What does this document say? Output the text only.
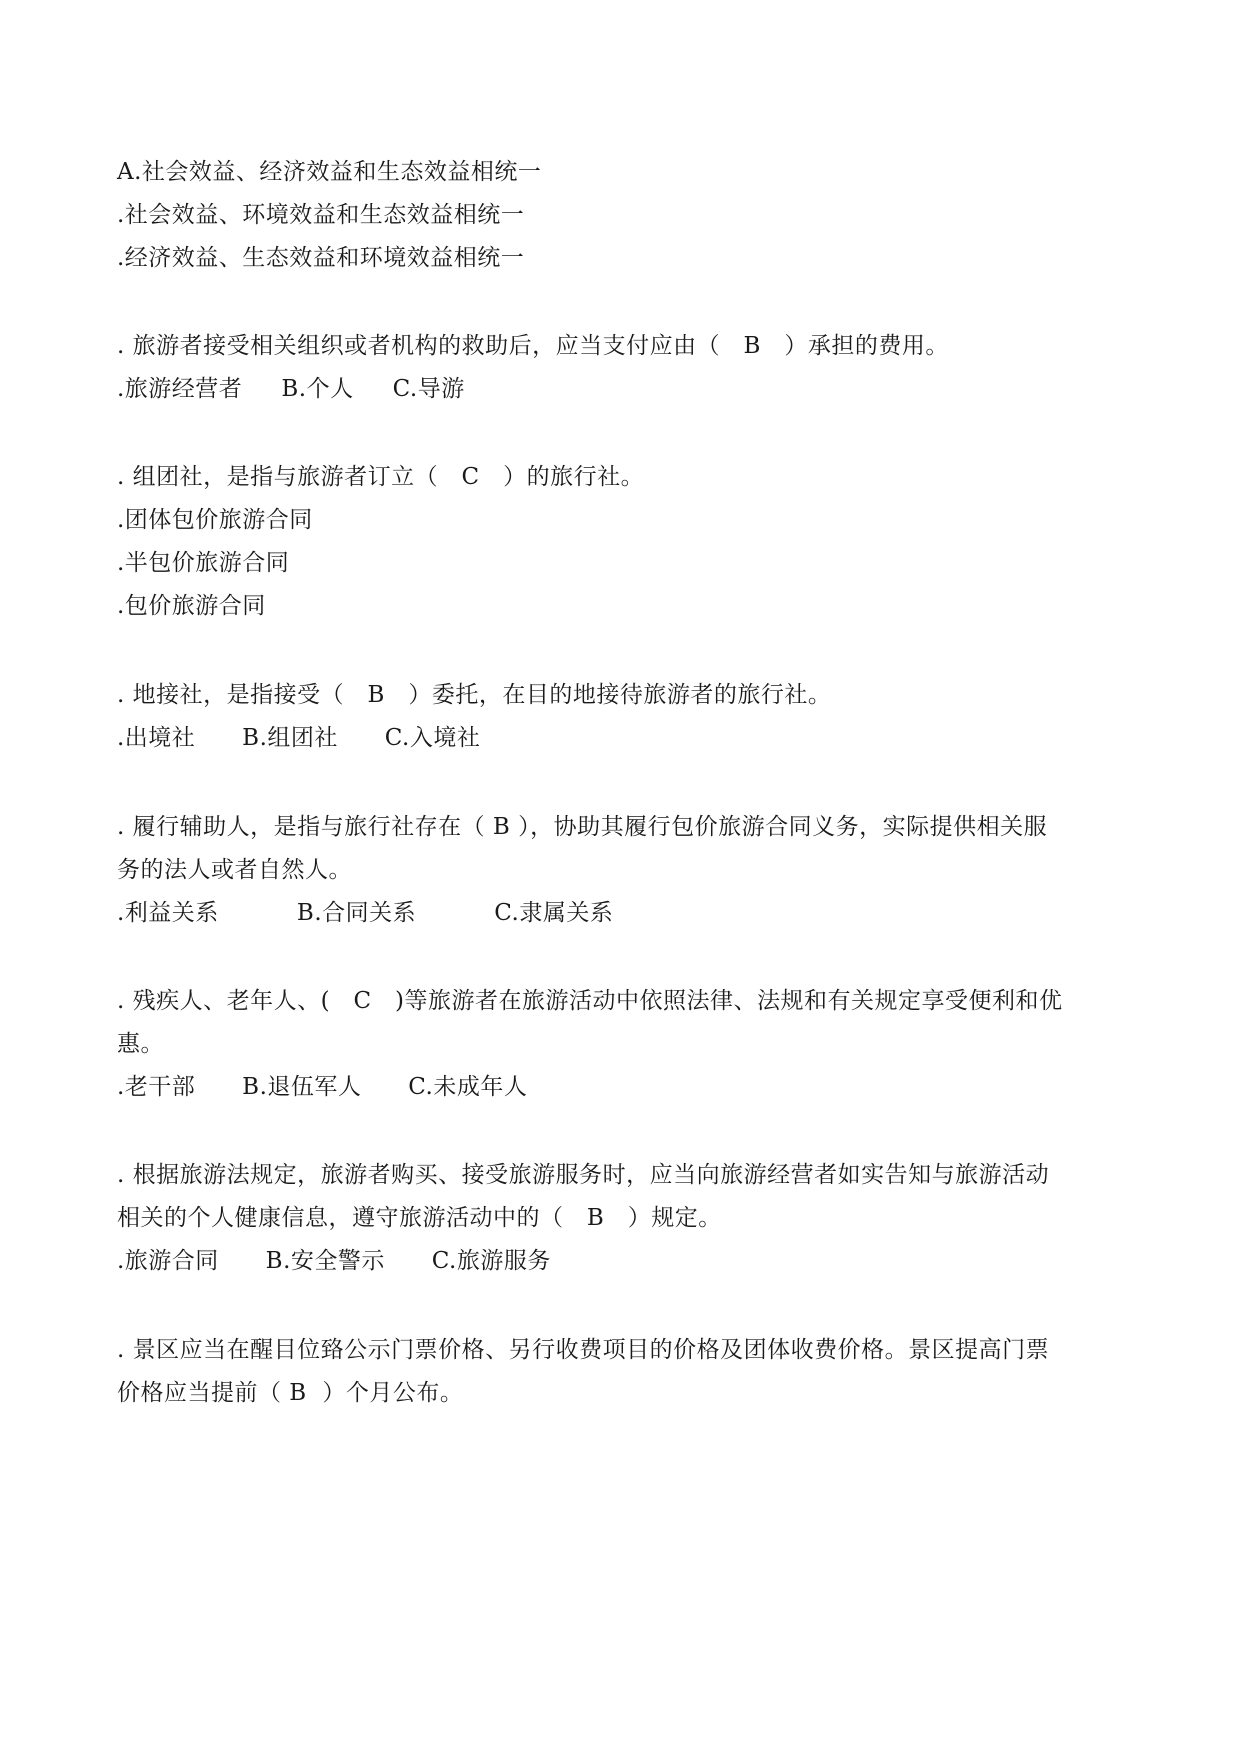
A.社会效益、经济效益和生态效益相统一
.社会效益、环境效益和生态效益相统一
.经济效益、生态效益和环境效益相统一
. 旅游者接受相关组织或者机构的救助后，应当支付应由（   B   ）承担的费用。
.旅游经营者     B.个人     C.导游
. 组团社，是指与旅游者订立（   C   ）的旅行社。
.团体包价旅游合同
.半包价旅游合同
.包价旅游合同
. 地接社，是指接受（   B   ）委托，在目的地接待旅游者的旅行社。
.出境社      B.组团社      C.入境社
. 履行辅助人，是指与旅行社存在（ B ），协助其履行包价旅游合同义务，实际提供相关服
务的法人或者自然人。
.利益关系          B.合同关系          C.隶属关系
. 残疾人、老年人、(   C   )等旅游者在旅游活动中依照法律、法规和有关规定享受便利和优
惠。
.老干部      B.退伍军人      C.未成年人
. 根据旅游法规定，旅游者购买、接受旅游服务时，应当向旅游经营者如实告知与旅游活动
相关的个人健康信息，遵守旅游活动中的（   B   ）规定。
.旅游合同      B.安全警示      C.旅游服务
. 景区应当在醒目位臵公示门票价格、另行收费项目的价格及团体收费价格。景区提高门票
价格应当提前（ B  ）个月公布。
